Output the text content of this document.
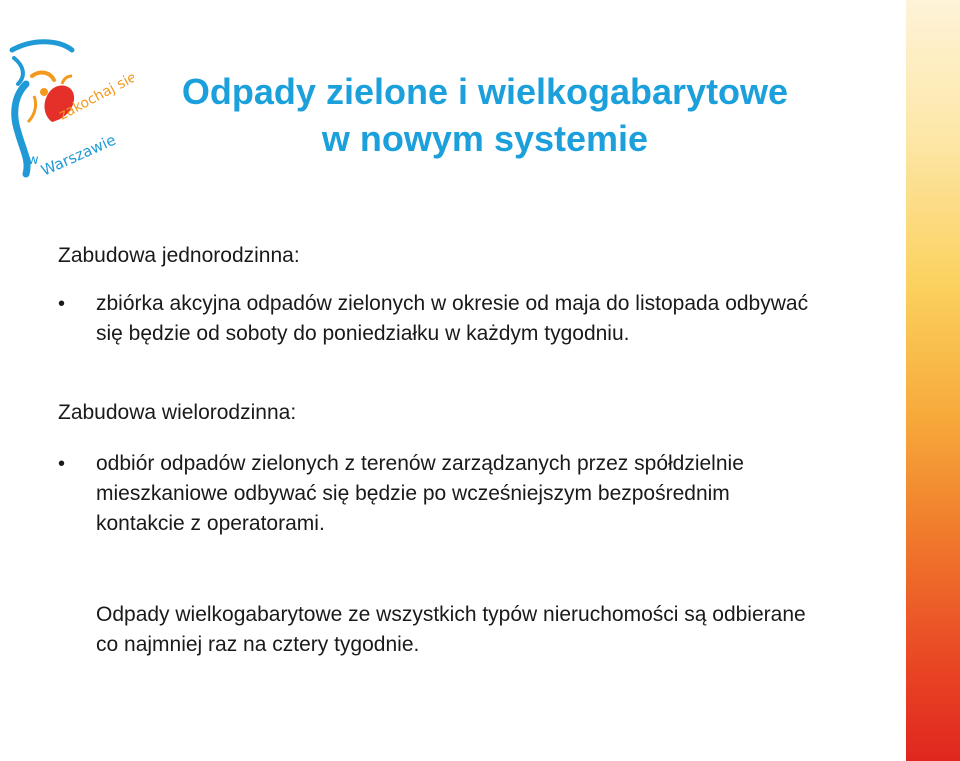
zakochaj się
w Warszawie
Odpady zielone i wielkogabarytowe
w nowym systemie
Zabudowa jednorodzinna:
•	zbiórka akcyjna odpadów zielonych w okresie od maja do listopada odbywać się będzie od soboty do poniedziałku w każdym tygodniu.
Zabudowa wielorodzinna:
•	odbiór odpadów zielonych z terenów zarządzanych przez spółdzielnie mieszkaniowe odbywać się będzie po wcześniejszym bezpośrednim kontakcie z operatorami.
Odpady wielkogabarytowe ze wszystkich typów nieruchomości są odbierane co najmniej raz na cztery tygodnie.
